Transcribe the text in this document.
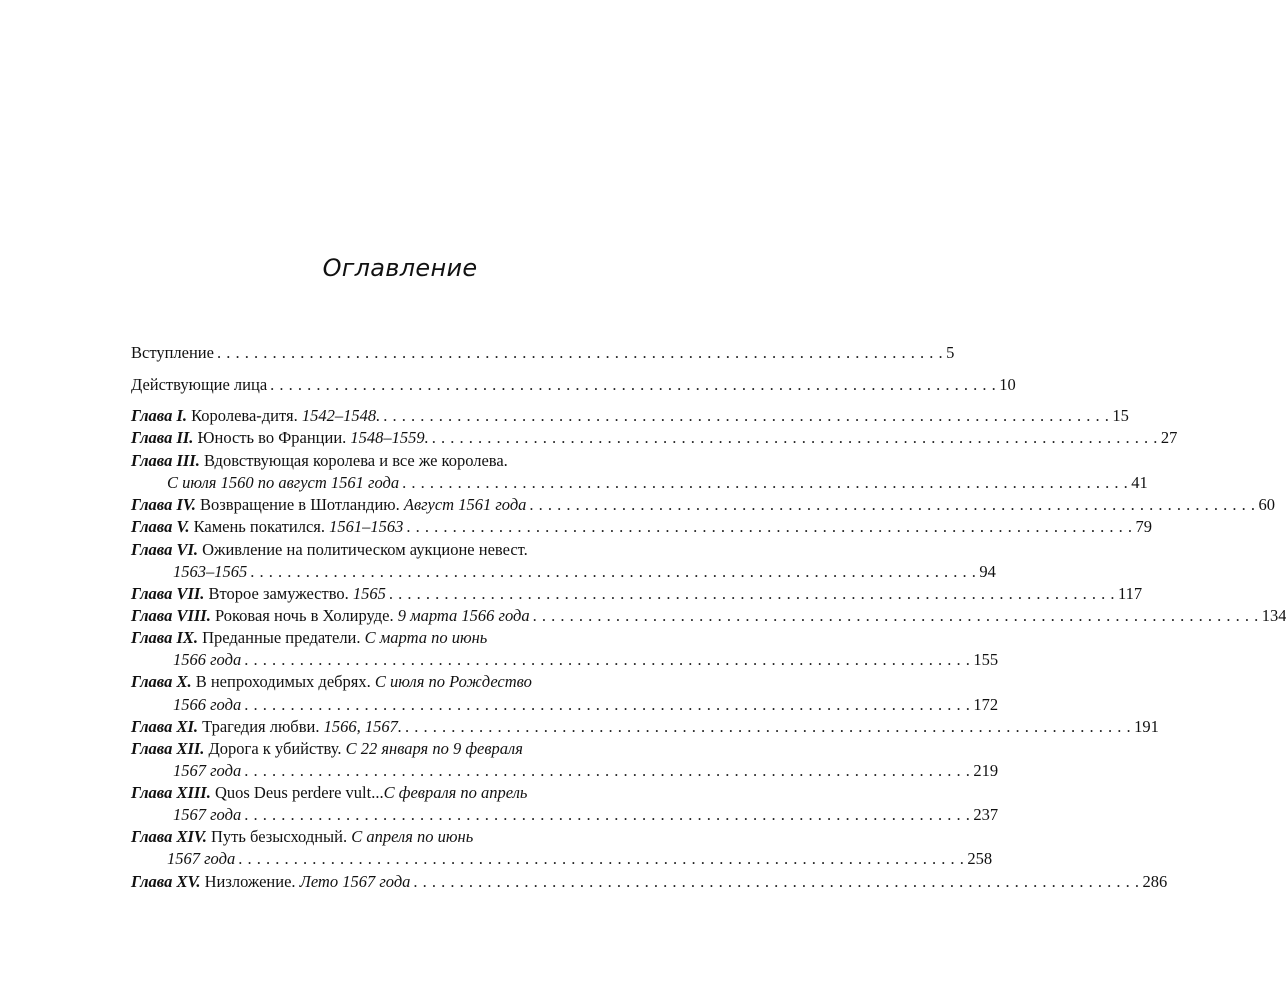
Оглавление
Вступление . . . . . . . . . . . . . . . . . . . . . . . . . . . . . . . . . . . . . . . . . . . . . . . . . . . . . . . . . . . . . . . . . . . . . . . . . . . . . . . 5
Действующие лица . . . . . . . . . . . . . . . . . . . . . . . . . . . . . . . . . . . . . . . . . . . . . . . . . . . . . . . . . . . . . . . . . . . . . . . . . . . . . . . 10
Глава I.
Королева-дитя.
1542–1548. . . . . . . . . . . . . . . . . . . . . . . . . . . . . . . . . . . . . . . . . . . . . . . . . . . . . . . . . . . . . . . . . . . . . . . . . . . . . . . . 15
Глава II.
Юность во Франции.
1548–1559. . . . . . . . . . . . . . . . . . . . . . . . . . . . . . . . . . . . . . . . . . . . . . . . . . . . . . . . . . . . . . . . . . . . . . . . . . . . . . . . 27
Глава III. Вдовствующая королева и все же королева.
С июля 1560 по август 1561 года . . . . . . . . . . . . . . . . . . . . . . . . . . . . . . . . . . . . . . . . . . . . . . . . . . . . . . . . . . . . . . . . . . . . . . . . . . . . . . . 41
Глава IV.
Возвращение в Шотландию.
Август 1561 года . . . . . . . . . . . . . . . . . . . . . . . . . . . . . . . . . . . . . . . . . . . . . . . . . . . . . . . . . . . . . . . . . . . . . . . . . . . . . . . 60
Глава V.
Камень покатился.
1561–1563 . . . . . . . . . . . . . . . . . . . . . . . . . . . . . . . . . . . . . . . . . . . . . . . . . . . . . . . . . . . . . . . . . . . . . . . . . . . . . . . 79
Глава VI. Оживление на политическом аукционе невест.
1563–1565 . . . . . . . . . . . . . . . . . . . . . . . . . . . . . . . . . . . . . . . . . . . . . . . . . . . . . . . . . . . . . . . . . . . . . . . . . . . . . . . 94
Глава VII.
Второе замужество.
1565 . . . . . . . . . . . . . . . . . . . . . . . . . . . . . . . . . . . . . . . . . . . . . . . . . . . . . . . . . . . . . . . . . . . . . . . . . . . . . . . 117
Глава VIII.
Роковая ночь в Холируде.
9 марта 1566 года . . . . . . . . . . . . . . . . . . . . . . . . . . . . . . . . . . . . . . . . . . . . . . . . . . . . . . . . . . . . . . . . . . . . . . . . . . . . . . . 134
Глава IX. Преданные предатели. С марта по июнь
1566 года . . . . . . . . . . . . . . . . . . . . . . . . . . . . . . . . . . . . . . . . . . . . . . . . . . . . . . . . . . . . . . . . . . . . . . . . . . . . . . . 155
Глава X. В непроходимых дебрях. С июля по Рождество
1566 года . . . . . . . . . . . . . . . . . . . . . . . . . . . . . . . . . . . . . . . . . . . . . . . . . . . . . . . . . . . . . . . . . . . . . . . . . . . . . . . 172
Глава XI.
Трагедия любви.
1566, 1567. . . . . . . . . . . . . . . . . . . . . . . . . . . . . . . . . . . . . . . . . . . . . . . . . . . . . . . . . . . . . . . . . . . . . . . . . . . . . . . . 191
Глава XII. Дорога к убийству. С 22 января по 9 февраля
1567 года . . . . . . . . . . . . . . . . . . . . . . . . . . . . . . . . . . . . . . . . . . . . . . . . . . . . . . . . . . . . . . . . . . . . . . . . . . . . . . . 219
Глава XIII. Quos Deus perdere vult...С февраля по апрель
1567 года . . . . . . . . . . . . . . . . . . . . . . . . . . . . . . . . . . . . . . . . . . . . . . . . . . . . . . . . . . . . . . . . . . . . . . . . . . . . . . . 237
Глава XIV. Путь безысходный. С апреля по июнь
1567 года . . . . . . . . . . . . . . . . . . . . . . . . . . . . . . . . . . . . . . . . . . . . . . . . . . . . . . . . . . . . . . . . . . . . . . . . . . . . . . . 258
Глава XV.
Низложение.
Лето 1567 года . . . . . . . . . . . . . . . . . . . . . . . . . . . . . . . . . . . . . . . . . . . . . . . . . . . . . . . . . . . . . . . . . . . . . . . . . . . . . . . 286
